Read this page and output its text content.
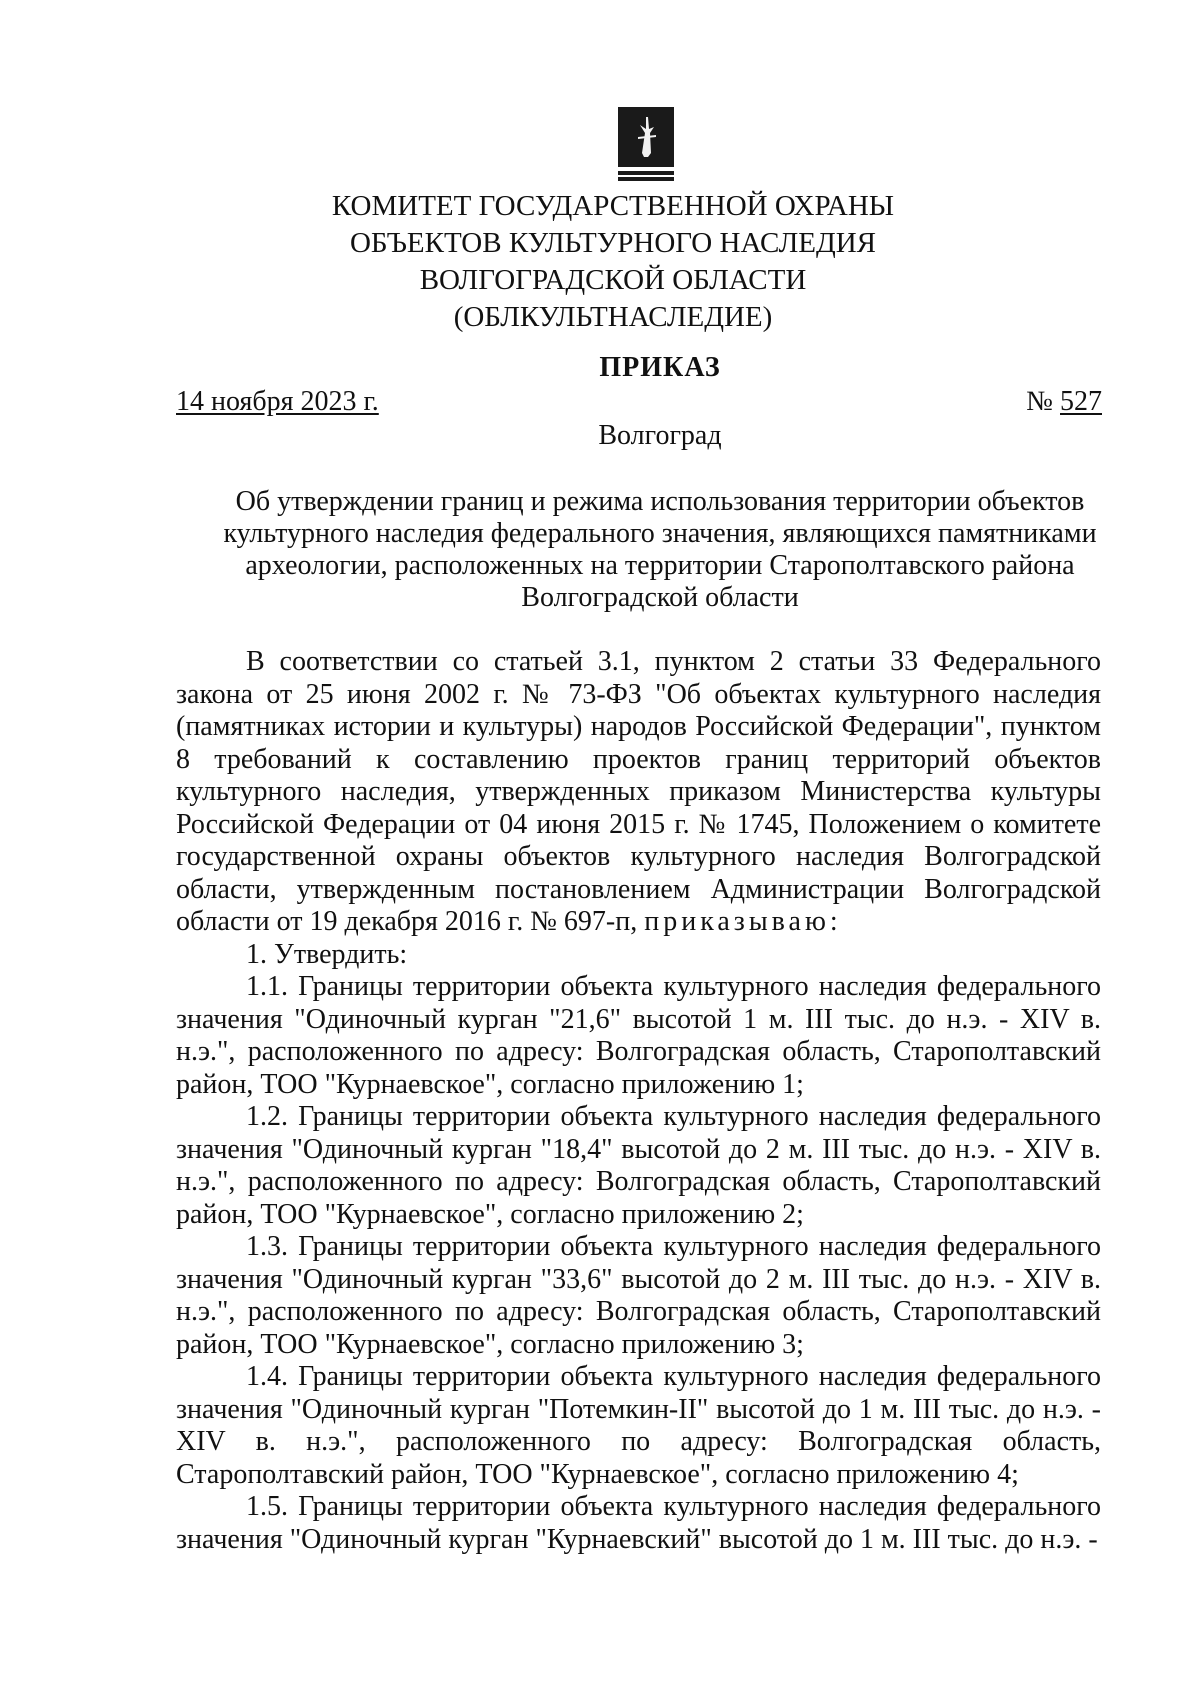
КОМИТЕТ ГОСУДАРСТВЕННОЙ ОХРАНЫ
ОБЪЕКТОВ КУЛЬТУРНОГО НАСЛЕДИЯ
ВОЛГОГРАДСКОЙ ОБЛАСТИ
(ОБЛКУЛЬТНАСЛЕДИЕ)
ПРИКАЗ
14 ноября 2023 г.	№ 527
Волгоград
Об утверждении границ и режима использования территории объектов культурного наследия федерального значения, являющихся памятниками археологии, расположенных на территории Старополтавского района Волгоградской области

В соответствии со статьей 3.1, пунктом 2 статьи 33 Федерального закона от 25 июня 2002 г. № 73-ФЗ "Об объектах культурного наследия (памятниках истории и культуры) народов Российской Федерации", пунктом 8 требований к составлению проектов границ территорий объектов культурного наследия, утвержденных приказом Министерства культуры Российской Федерации от 04 июня 2015 г. № 1745, Положением о комитете государственной охраны объектов культурного наследия Волгоградской области, утвержденным постановлением Администрации Волгоградской области от 19 декабря 2016 г. № 697-п, приказываю:

1. Утвердить:

1.1. Границы территории объекта культурного наследия федерального значения "Одиночный курган "21,6" высотой 1 м. III тыс. до н.э. - XIV в. н.э.", расположенного по адресу: Волгоградская область, Старополтавский район, ТОО "Курнаевское", согласно приложению 1;

1.2. Границы территории объекта культурного наследия федерального значения "Одиночный курган "18,4" высотой до 2 м. III тыс. до н.э. - XIV в. н.э.", расположенного по адресу: Волгоградская область, Старополтавский район, ТОО "Курнаевское", согласно приложению 2;

1.3. Границы территории объекта культурного наследия федерального значения "Одиночный курган "33,6" высотой до 2 м. III тыс. до н.э. - XIV в. н.э.", расположенного по адресу: Волгоградская область, Старополтавский район, ТОО "Курнаевское", согласно приложению 3;

1.4. Границы территории объекта культурного наследия федерального значения "Одиночный курган "Потемкин-II" высотой до 1 м. III тыс. до н.э. - XIV в. н.э.", расположенного по адресу: Волгоградская область, Старополтавский район, ТОО "Курнаевское", согласно приложению 4;

1.5. Границы территории объекта культурного наследия федерального значения "Одиночный курган "Курнаевский" высотой до 1 м. III тыс. до н.э. -
